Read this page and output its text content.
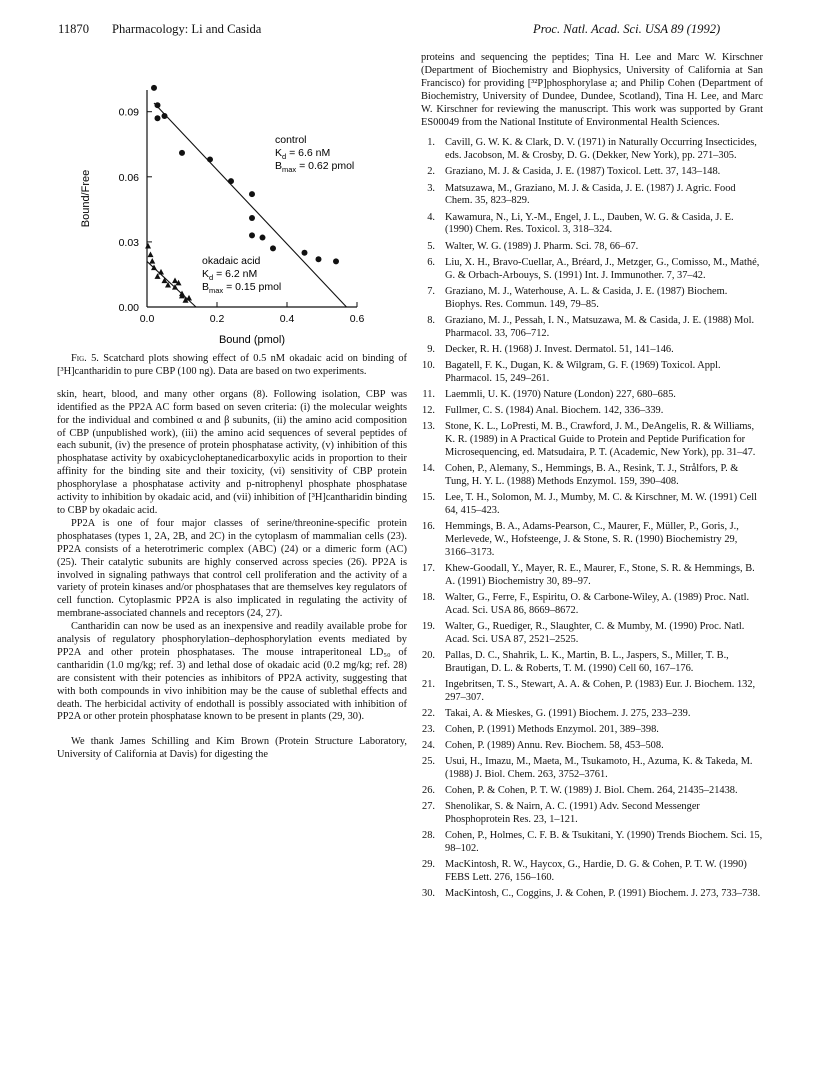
11870 Pharmacology: Li and Casida	Proc. Natl. Acad. Sci. USA 89 (1992)
0.00
0.03
0.06
0.09
0.0	0.2	0.4	0.6
Bound (pmol)
Bound/Free
control
$K_d = 6.6$ nM
$B_{max} = 0.62$ pmol
okadaic acid
$K_d = 6.2$ nM
$B_{max} = 0.15$ pmol

Fig. 5. Scatchard plots showing effect of 0.5 nM okadaic acid on binding of [³H]cantharidin to pure CBP (100 ng). Data are based on two experiments.

skin, heart, blood, and many other organs (8). Following isolation, CBP was identified as the PP2A AC form based on seven criteria: (i) the molecular weights for the individual and combined α and β subunits, (ii) the amino acid composition of CBP (unpublished work), (iii) the amino acid sequences of several peptides of each subunit, (iv) the presence of protein phosphatase activity, (v) inhibition of this phosphatase activity by oxabicycloheptanedicarboxylic acids in proportion to their affinity for the binding site and their toxicity, (vi) sensitivity of CBP protein phosphorylase a phosphatase activity and p-nitrophenyl phosphate phosphatase activity to inhibition by okadaic acid, and (vii) inhibition of [³H]cantharidin binding to CBP by okadaic acid.

PP2A is one of four major classes of serine/threonine-specific protein phosphatases (types 1, 2A, 2B, and 2C) in the cytoplasm of mammalian cells (23). PP2A consists of a heterotrimeric complex (ABC) (24) or a dimeric form (AC) (25). Their catalytic subunits are highly conserved across species (26). PP2A is involved in signaling pathways that control cell proliferation and the activity of a variety of protein kinases and/or phosphatases that are themselves key regulators of cell function. Cytoplasmic PP2A is also implicated in regulating the activity of membrane-associated channels and receptors (24, 27).

Cantharidin can now be used as an inexpensive and readily available probe for analysis of regulatory phosphorylation–dephosphorylation events mediated by PP2A and other protein phosphatases. The mouse intraperitoneal LD₅₀ of cantharidin (1.0 mg/kg; ref. 3) and lethal dose of okadaic acid (0.2 mg/kg; ref. 28) are consistent with their potencies as inhibitors of PP2A activity, suggesting that with both compounds in vivo inhibition may be the cause of sublethal effects and death. The herbicidal activity of endothall is possibly associated with inhibition of PP2A or other protein phosphatase known to be present in plants (29, 30).

We thank James Schilling and Kim Brown (Protein Structure Laboratory, University of California at Davis) for digesting the

proteins and sequencing the peptides; Tina H. Lee and Marc W. Kirschner (Department of Biochemistry and Biophysics, University of California at San Francisco) for providing [³²P]phosphorylase a; and Philip Cohen (Department of Biochemistry, University of Dundee, Dundee, Scotland), Tina H. Lee, and Marc W. Kirschner for reviewing the manuscript. This work was supported by Grant ES00049 from the National Institute of Environmental Health Sciences.

1. Cavill, G. W. K. & Clark, D. V. (1971) in Naturally Occurring Insecticides, eds. Jacobson, M. & Crosby, D. G. (Dekker, New York), pp. 271–305.
2. Graziano, M. J. & Casida, J. E. (1987) Toxicol. Lett. 37, 143–148.
3. Matsuzawa, M., Graziano, M. J. & Casida, J. E. (1987) J. Agric. Food Chem. 35, 823–829.
4. Kawamura, N., Li, Y.-M., Engel, J. L., Dauben, W. G. & Casida, J. E. (1990) Chem. Res. Toxicol. 3, 318–324.
5. Walter, W. G. (1989) J. Pharm. Sci. 78, 66–67.
6. Liu, X. H., Bravo-Cuellar, A., Bréard, J., Metzger, G., Comisso, M., Mathé, G. & Orbach-Arbouys, S. (1991) Int. J. Immunother. 7, 37–42.
7. Graziano, M. J., Waterhouse, A. L. & Casida, J. E. (1987) Biochem. Biophys. Res. Commun. 149, 79–85.
8. Graziano, M. J., Pessah, I. N., Matsuzawa, M. & Casida, J. E. (1988) Mol. Pharmacol. 33, 706–712.
9. Decker, R. H. (1968) J. Invest. Dermatol. 51, 141–146.
10. Bagatell, F. K., Dugan, K. & Wilgram, G. F. (1969) Toxicol. Appl. Pharmacol. 15, 249–261.
11. Laemmli, U. K. (1970) Nature (London) 227, 680–685.
12. Fullmer, C. S. (1984) Anal. Biochem. 142, 336–339.
13. Stone, K. L., LoPresti, M. B., Crawford, J. M., DeAngelis, R. & Williams, K. R. (1989) in A Practical Guide to Protein and Peptide Purification for Microsequencing, ed. Matsudaira, P. T. (Academic, New York), pp. 31–47.
14. Cohen, P., Alemany, S., Hemmings, B. A., Resink, T. J., Strålfors, P. & Tung, H. Y. L. (1988) Methods Enzymol. 159, 390–408.
15. Lee, T. H., Solomon, M. J., Mumby, M. C. & Kirschner, M. W. (1991) Cell 64, 415–423.
16. Hemmings, B. A., Adams-Pearson, C., Maurer, F., Müller, P., Goris, J., Merlevede, W., Hofsteenge, J. & Stone, S. R. (1990) Biochemistry 29, 3166–3173.
17. Khew-Goodall, Y., Mayer, R. E., Maurer, F., Stone, S. R. & Hemmings, B. A. (1991) Biochemistry 30, 89–97.
18. Walter, G., Ferre, F., Espiritu, O. & Carbone-Wiley, A. (1989) Proc. Natl. Acad. Sci. USA 86, 8669–8672.
19. Walter, G., Ruediger, R., Slaughter, C. & Mumby, M. (1990) Proc. Natl. Acad. Sci. USA 87, 2521–2525.
20. Pallas, D. C., Shahrik, L. K., Martin, B. L., Jaspers, S., Miller, T. B., Brautigan, D. L. & Roberts, T. M. (1990) Cell 60, 167–176.
21. Ingebritsen, T. S., Stewart, A. A. & Cohen, P. (1983) Eur. J. Biochem. 132, 297–307.
22. Takai, A. & Mieskes, G. (1991) Biochem. J. 275, 233–239.
23. Cohen, P. (1991) Methods Enzymol. 201, 389–398.
24. Cohen, P. (1989) Annu. Rev. Biochem. 58, 453–508.
25. Usui, H., Imazu, M., Maeta, M., Tsukamoto, H., Azuma, K. & Takeda, M. (1988) J. Biol. Chem. 263, 3752–3761.
26. Cohen, P. & Cohen, P. T. W. (1989) J. Biol. Chem. 264, 21435–21438.
27. Shenolikar, S. & Nairn, A. C. (1991) Adv. Second Messenger Phosphoprotein Res. 23, 1–121.
28. Cohen, P., Holmes, C. F. B. & Tsukitani, Y. (1990) Trends Biochem. Sci. 15, 98–102.
29. MacKintosh, R. W., Haycox, G., Hardie, D. G. & Cohen, P. T. W. (1990) FEBS Lett. 276, 156–160.
30. MacKintosh, C., Coggins, J. & Cohen, P. (1991) Biochem. J. 273, 733–738.
